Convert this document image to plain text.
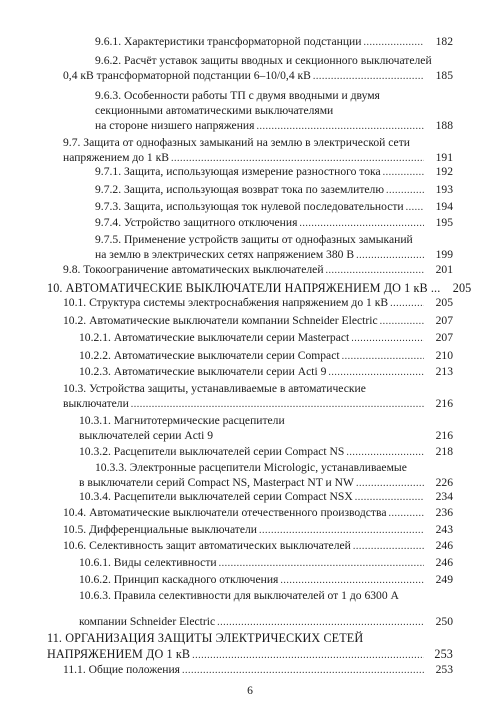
9.6.1. Характеристики трансформаторной подстанции .....	182
9.6.2. Расчёт уставок защиты вводных и секционного выключателей
0,4 кВ трансформаторной подстанции 6–10/0,4 кВ .....	185
9.6.3. Особенности работы ТП с двумя вводными и двумя
секционными автоматическими выключателями
на стороне низшего напряжения .....	188
9.7. Защита от однофазных замыканий на землю в электрической сети
напряжением до 1 кВ .....	191
9.7.1. Защита, использующая измерение разностного тока .....	192
9.7.2. Защита, использующая возврат тока по заземлителю .....	193
9.7.3. Защита, использующая ток нулевой последовательности .....	194
9.7.4. Устройство защитного отключения .....	195
9.7.5. Применение устройств защиты от однофазных замыканий
на землю в электрических сетях напряжением 380 В .....	199
9.8. Токоограничение автоматических выключателей .....	201
10. АВТОМАТИЧЕСКИЕ ВЫКЛЮЧАТЕЛИ НАПРЯЖЕНИЕМ ДО 1 кВ ...	205
10.1. Структура системы электроснабжения напряжением до 1 кВ .....	205
10.2. Автоматические выключатели компании Schneider Electric .....	207
10.2.1. Автоматические выключатели серии Masterpact .....	207
10.2.2. Автоматические выключатели серии Compact .....	210
10.2.3. Автоматические выключатели серии Acti 9 .....	213
10.3. Устройства защиты, устанавливаемые в автоматические
выключатели .....	216
10.3.1. Магнитотермические расцепители
выключателей серии Acti 9	216
10.3.2. Расцепители выключателей серии Compact NS .....	218
10.3.3. Электронные расцепители Micrologic, устанавливаемые
в выключатели серий Compact NS, Masterpact NT и NW .....	226
10.3.4. Расцепители выключателей серии Compact NSX .....	234
10.4. Автоматические выключатели отечественного производства .....	236
10.5. Дифференциальные выключатели .....	243
10.6. Селективность защит автоматических выключателей .....	246
10.6.1. Виды селективности .....	246
10.6.2. Принцип каскадного отключения .....	249
10.6.3. Правила селективности для выключателей от 1 до 6300 А
компании Schneider Electric .....	250
11. ОРГАНИЗАЦИЯ ЗАЩИТЫ ЭЛЕКТРИЧЕСКИХ СЕТЕЙ
НАПРЯЖЕНИЕМ ДО 1 кВ .....	253
11.1. Общие положения .....	253
6
